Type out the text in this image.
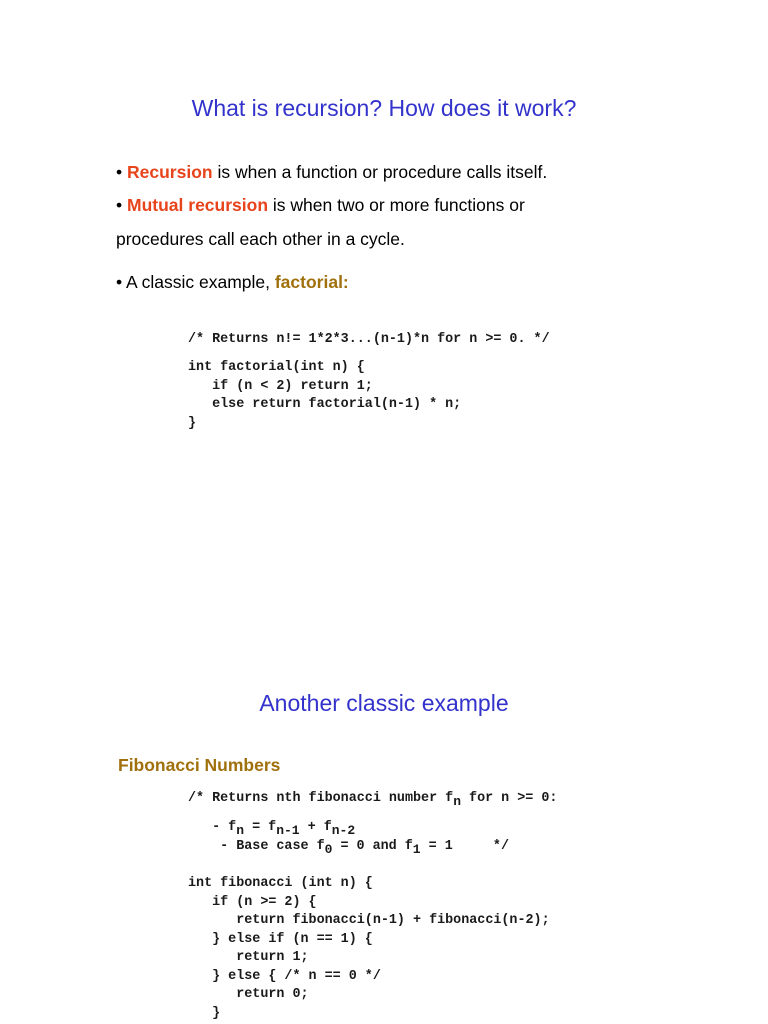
What is recursion? How does it work?

• Recursion is when a function or procedure calls itself.

• Mutual recursion is when two or more functions or

procedures call each other in a cycle.

• A classic example, factorial:

/* Returns n!= 1*2*3...(n-1)*n for n >= 0. */
int factorial(int n) {
if (n < 2) return 1;
else return factorial(n-1) * n;
}
Another classic example
Fibonacci Numbers
/* Returns nth fibonacci number fn for n >= 0:
- fn = fn-1 + fn-2
- Base case f0 = 0 and f1 = 1     */
int fibonacci (int n) {
if (n >= 2) {
return fibonacci(n-1) + fibonacci(n-2);
} else if (n == 1) {
return 1;
} else { /* n == 0 */
return 0;
}
